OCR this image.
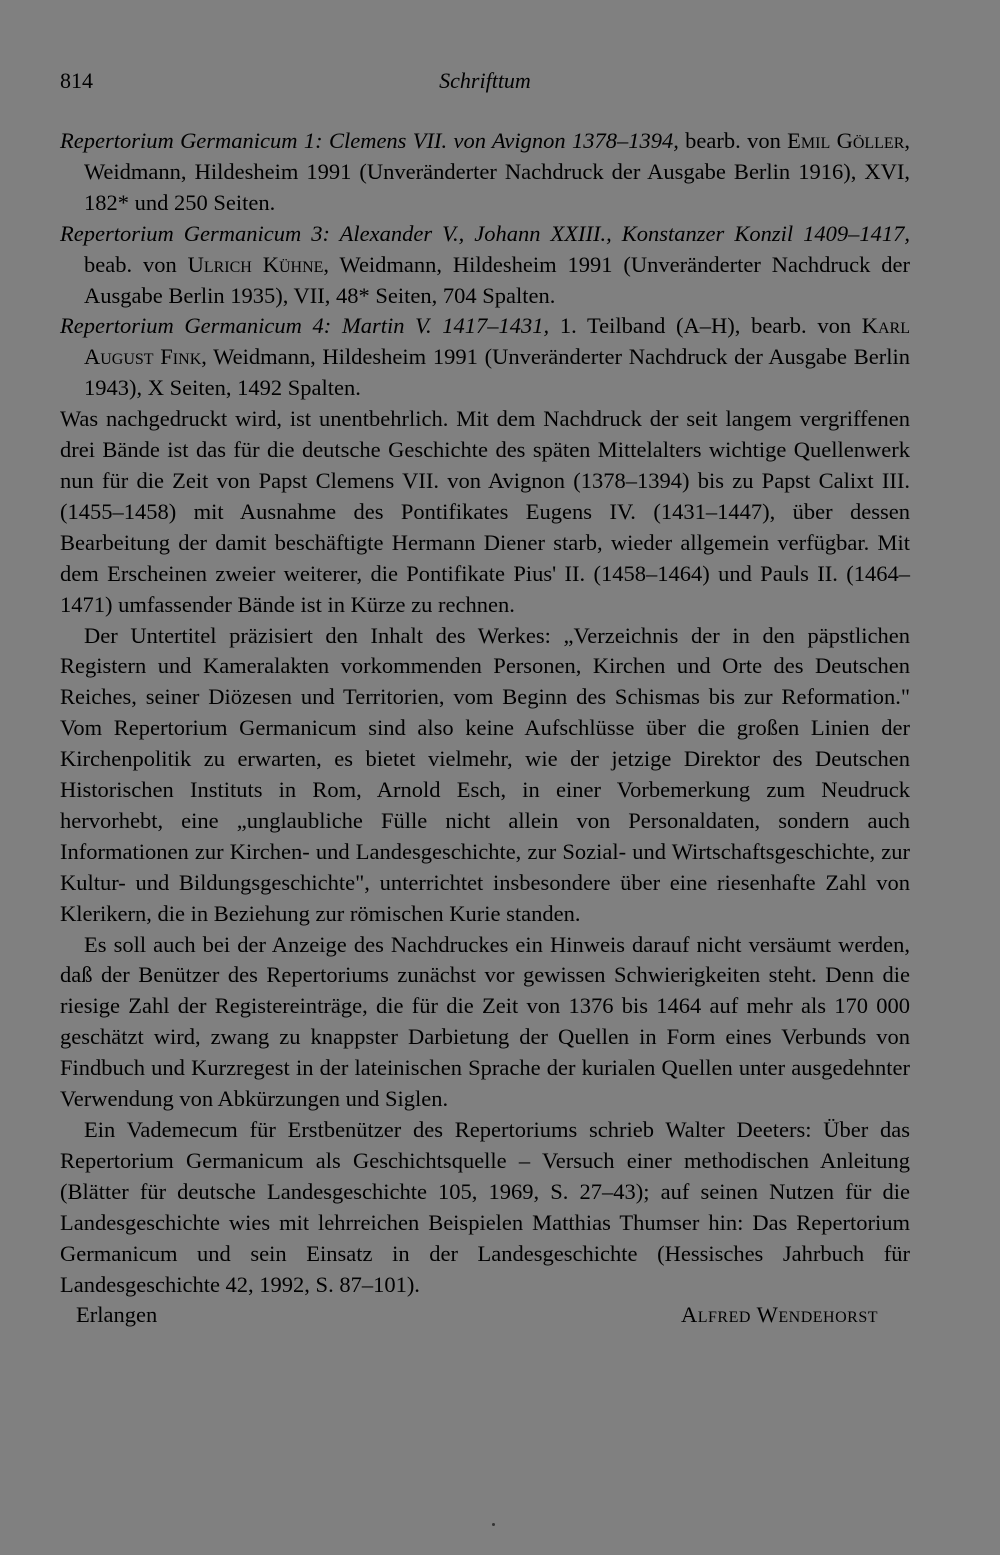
814	Schrifttum

Repertorium Germanicum 1: Clemens VII. von Avignon 1378–1394, bearb. von Emil Göller, Weidmann, Hildesheim 1991 (Unveränderter Nachdruck der Ausgabe Berlin 1916), XVI, 182* und 250 Seiten.

Repertorium Germanicum 3: Alexander V., Johann XXIII., Konstanzer Konzil 1409–1417, beab. von Ulrich Kühne, Weidmann, Hildesheim 1991 (Unveränderter Nachdruck der Ausgabe Berlin 1935), VII, 48* Seiten, 704 Spalten.

Repertorium Germanicum 4: Martin V. 1417–1431, 1. Teilband (A–H), bearb. von Karl August Fink, Weidmann, Hildesheim 1991 (Unveränderter Nachdruck der Ausgabe Berlin 1943), X Seiten, 1492 Spalten.

Was nachgedruckt wird, ist unentbehrlich. Mit dem Nachdruck der seit langem vergriffenen drei Bände ist das für die deutsche Geschichte des späten Mittelalters wichtige Quellenwerk nun für die Zeit von Papst Clemens VII. von Avignon (1378–1394) bis zu Papst Calixt III. (1455–1458) mit Ausnahme des Pontifikates Eugens IV. (1431–1447), über dessen Bearbeitung der damit beschäftigte Hermann Diener starb, wieder allgemein verfügbar. Mit dem Erscheinen zweier weiterer, die Pontifikate Pius' II. (1458–1464) und Pauls II. (1464–1471) umfassender Bände ist in Kürze zu rechnen.

Der Untertitel präzisiert den Inhalt des Werkes: „Verzeichnis der in den päpstlichen Registern und Kameralakten vorkommenden Personen, Kirchen und Orte des Deutschen Reiches, seiner Diözesen und Territorien, vom Beginn des Schismas bis zur Reformation." Vom Repertorium Germanicum sind also keine Aufschlüsse über die großen Linien der Kirchenpolitik zu erwarten, es bietet vielmehr, wie der jetzige Direktor des Deutschen Historischen Instituts in Rom, Arnold Esch, in einer Vorbemerkung zum Neudruck hervorhebt, eine „unglaubliche Fülle nicht allein von Personaldaten, sondern auch Informationen zur Kirchen- und Landesgeschichte, zur Sozial- und Wirtschaftsgeschichte, zur Kultur- und Bildungsgeschichte", unterrichtet insbesondere über eine riesenhafte Zahl von Klerikern, die in Beziehung zur römischen Kurie standen.

Es soll auch bei der Anzeige des Nachdruckes ein Hinweis darauf nicht versäumt werden, daß der Benützer des Repertoriums zunächst vor gewissen Schwierigkeiten steht. Denn die riesige Zahl der Registereinträge, die für die Zeit von 1376 bis 1464 auf mehr als 170 000 geschätzt wird, zwang zu knappster Darbietung der Quellen in Form eines Verbunds von Findbuch und Kurzregest in der lateinischen Sprache der kurialen Quellen unter ausgedehnter Verwendung von Abkürzungen und Siglen.

Ein Vademecum für Erstbenützer des Repertoriums schrieb Walter Deeters: Über das Repertorium Germanicum als Geschichtsquelle – Versuch einer methodischen Anleitung (Blätter für deutsche Landesgeschichte 105, 1969, S. 27–43); auf seinen Nutzen für die Landesgeschichte wies mit lehrreichen Beispielen Matthias Thumser hin: Das Repertorium Germanicum und sein Einsatz in der Landesgeschichte (Hessisches Jahrbuch für Landesgeschichte 42, 1992, S. 87–101).

Erlangen	Alfred Wendehorst
